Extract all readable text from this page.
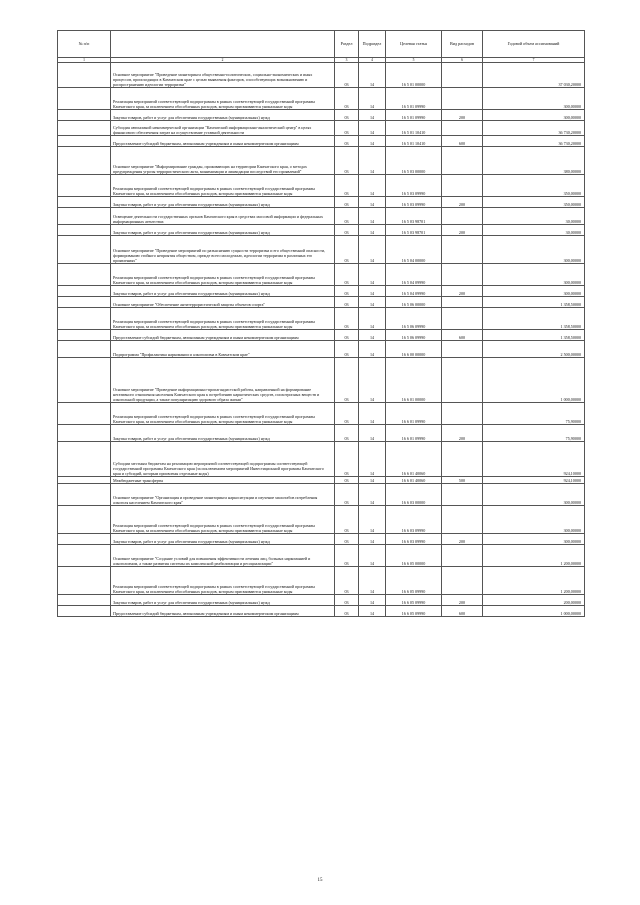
№ п/п		Раздел	Подраздел	Целевая статья	Вид расходов	Годовой объем ассигнований
1	2	3	4	5	6	7
	Основное мероприятие "Проведение мониторинга общественно-политических, социально-экономических и иных процессов, происходящих в Камчатском крае с целью выявления факторов, способствующих возникновению и распространению идеологии терроризма"	03	14	16 5 01 00000		37 030,20000
	Реализация мероприятий соответствующей подпрограммы в рамках соответствующей государственной программы Камчатского края, за исключением обособленных расходов, которым присваиваются уникальные коды	03	14	16 5 01 09990		300,00000
	Закупка товаров, работ и услуг для обеспечения государственных (муниципальных) нужд	03	14	16 5 01 09990	200	300,00000
	Субсидия автономной некоммерческой организации "Камчатский информационно-аналитический центр" в целях финансового обеспечения затрат на осуществление уставной деятельности	03	14	16 5 01 10410		36 730,20000
	Предоставление субсидий бюджетным, автономным учреждениям и иным некоммерческим организациям	03	14	16 5 01 10410	600	36 730,20000
	Основное мероприятие "Информирование граждан, проживающих на территории Камчатского края, о методах предупреждения угрозы террористического акта, минимизации и ликвидации последствий его проявлений"	03	14	16 5 03 00000		380,00000
	Реализация мероприятий соответствующей подпрограммы в рамках соответствующей государственной программы Камчатского края, за исключением обособленных расходов, которым присваиваются уникальные коды	03	14	16 5 03 09990		350,00000
	Закупка товаров, работ и услуг для обеспечения государственных (муниципальных) нужд	03	14	16 5 03 09990	200	350,00000
	Освещение деятельности государственных органов Камчатского края в средствах массовой информации и федеральных информационных агентствах	03	14	16 5 03 98701		30,00000
	Закупка товаров, работ и услуг для обеспечения государственных (муниципальных) нужд	03	14	16 5 03 98701	200	30,00000
	Основное мероприятие "Проведение мероприятий по разъяснению сущности терроризма и его общественной опасности, формированию стойкого неприятия обществом, прежде всего молодежью, идеологии терроризма в различных его проявлениях"	03	14	16 5 04 00000		300,00000
	Реализация мероприятий соответствующей подпрограммы в рамках соответствующей государственной программы Камчатского края, за исключением обособленных расходов, которым присваиваются уникальные коды	03	14	16 5 04 09990		300,00000
	Закупка товаров, работ и услуг для обеспечения государственных (муниципальных) нужд	03	14	16 5 04 09990	200	300,00000
	Основное мероприятие "Обеспечение антитеррористической защиты объектов спорта"	03	14	16 5 06 00000		1 358,50000
	Реализация мероприятий соответствующей подпрограммы в рамках соответствующей государственной программы Камчатского края, за исключением обособленных расходов, которым присваиваются уникальные коды	03	14	16 5 06 09990		1 358,50000
	Предоставление субсидий бюджетным, автономным учреждениям и иным некоммерческим организациям	03	14	16 5 06 09990	600	1 358,50000
	Подпрограмма "Профилактика наркомании и алкоголизма в Камчатском крае"	03	14	16 6 00 00000		2 500,00000
	Основное мероприятие "Проведение информационно-пропагандистской работы, направленной на формирование негативного отношения населения Камчатского края к потреблению наркотических средств, психотропных веществ и алкогольной продукции, а также популяризацию здорового образа жизни"	03	14	16 6 01 00000		1 000,00000
	Реализация мероприятий соответствующей подпрограммы в рамках соответствующей государственной программы Камчатского края, за исключением обособленных расходов, которым присваиваются уникальные коды	03	14	16 6 01 09990		75,90000
	Закупка товаров, работ и услуг для обеспечения государственных (муниципальных) нужд	03	14	16 6 01 09990	200	75,90000
	Субсидии местным бюджетам на реализацию мероприятий соответствующей подпрограммы соответствующей государственной программы Камчатского края (за исключением мероприятий Инвестиционной программы Камчатского края и субсидий, которым присвоены отдельные коды)	03	14	16 6 01 40060		924,10000
	Межбюджетные трансферты	03	14	16 6 01 40060	500	924,10000
	Основное мероприятие "Организация и проведение мониторинга наркоситуации и изучение масштабов потребления алкоголя населением Камчатского края"	03	14	16 6 03 00000		300,00000
	Реализация мероприятий соответствующей подпрограммы в рамках соответствующей государственной программы Камчатского края, за исключением обособленных расходов, которым присваиваются уникальные коды	03	14	16 6 03 09990		300,00000
	Закупка товаров, работ и услуг для обеспечения государственных (муниципальных) нужд	03	14	16 6 03 09990	200	300,00000
	Основное мероприятие "Создание условий для повышения эффективности лечения лиц, больных наркоманией и алкоголизмом, а также развития системы их комплексной реабилитации и ресоциализации"	03	14	16 6 05 00000		1 200,00000
	Реализация мероприятий соответствующей подпрограммы в рамках соответствующей государственной программы Камчатского края, за исключением обособленных расходов, которым присваиваются уникальные коды	03	14	16 6 05 09990		1 200,00000
	Закупка товаров, работ и услуг для обеспечения государственных (муниципальных) нужд	03	14	16 6 05 09990	200	200,00000
	Предоставление субсидий бюджетным, автономным учреждениям и иным некоммерческим организациям	03	14	16 6 05 09990	600	1 000,00000
15
